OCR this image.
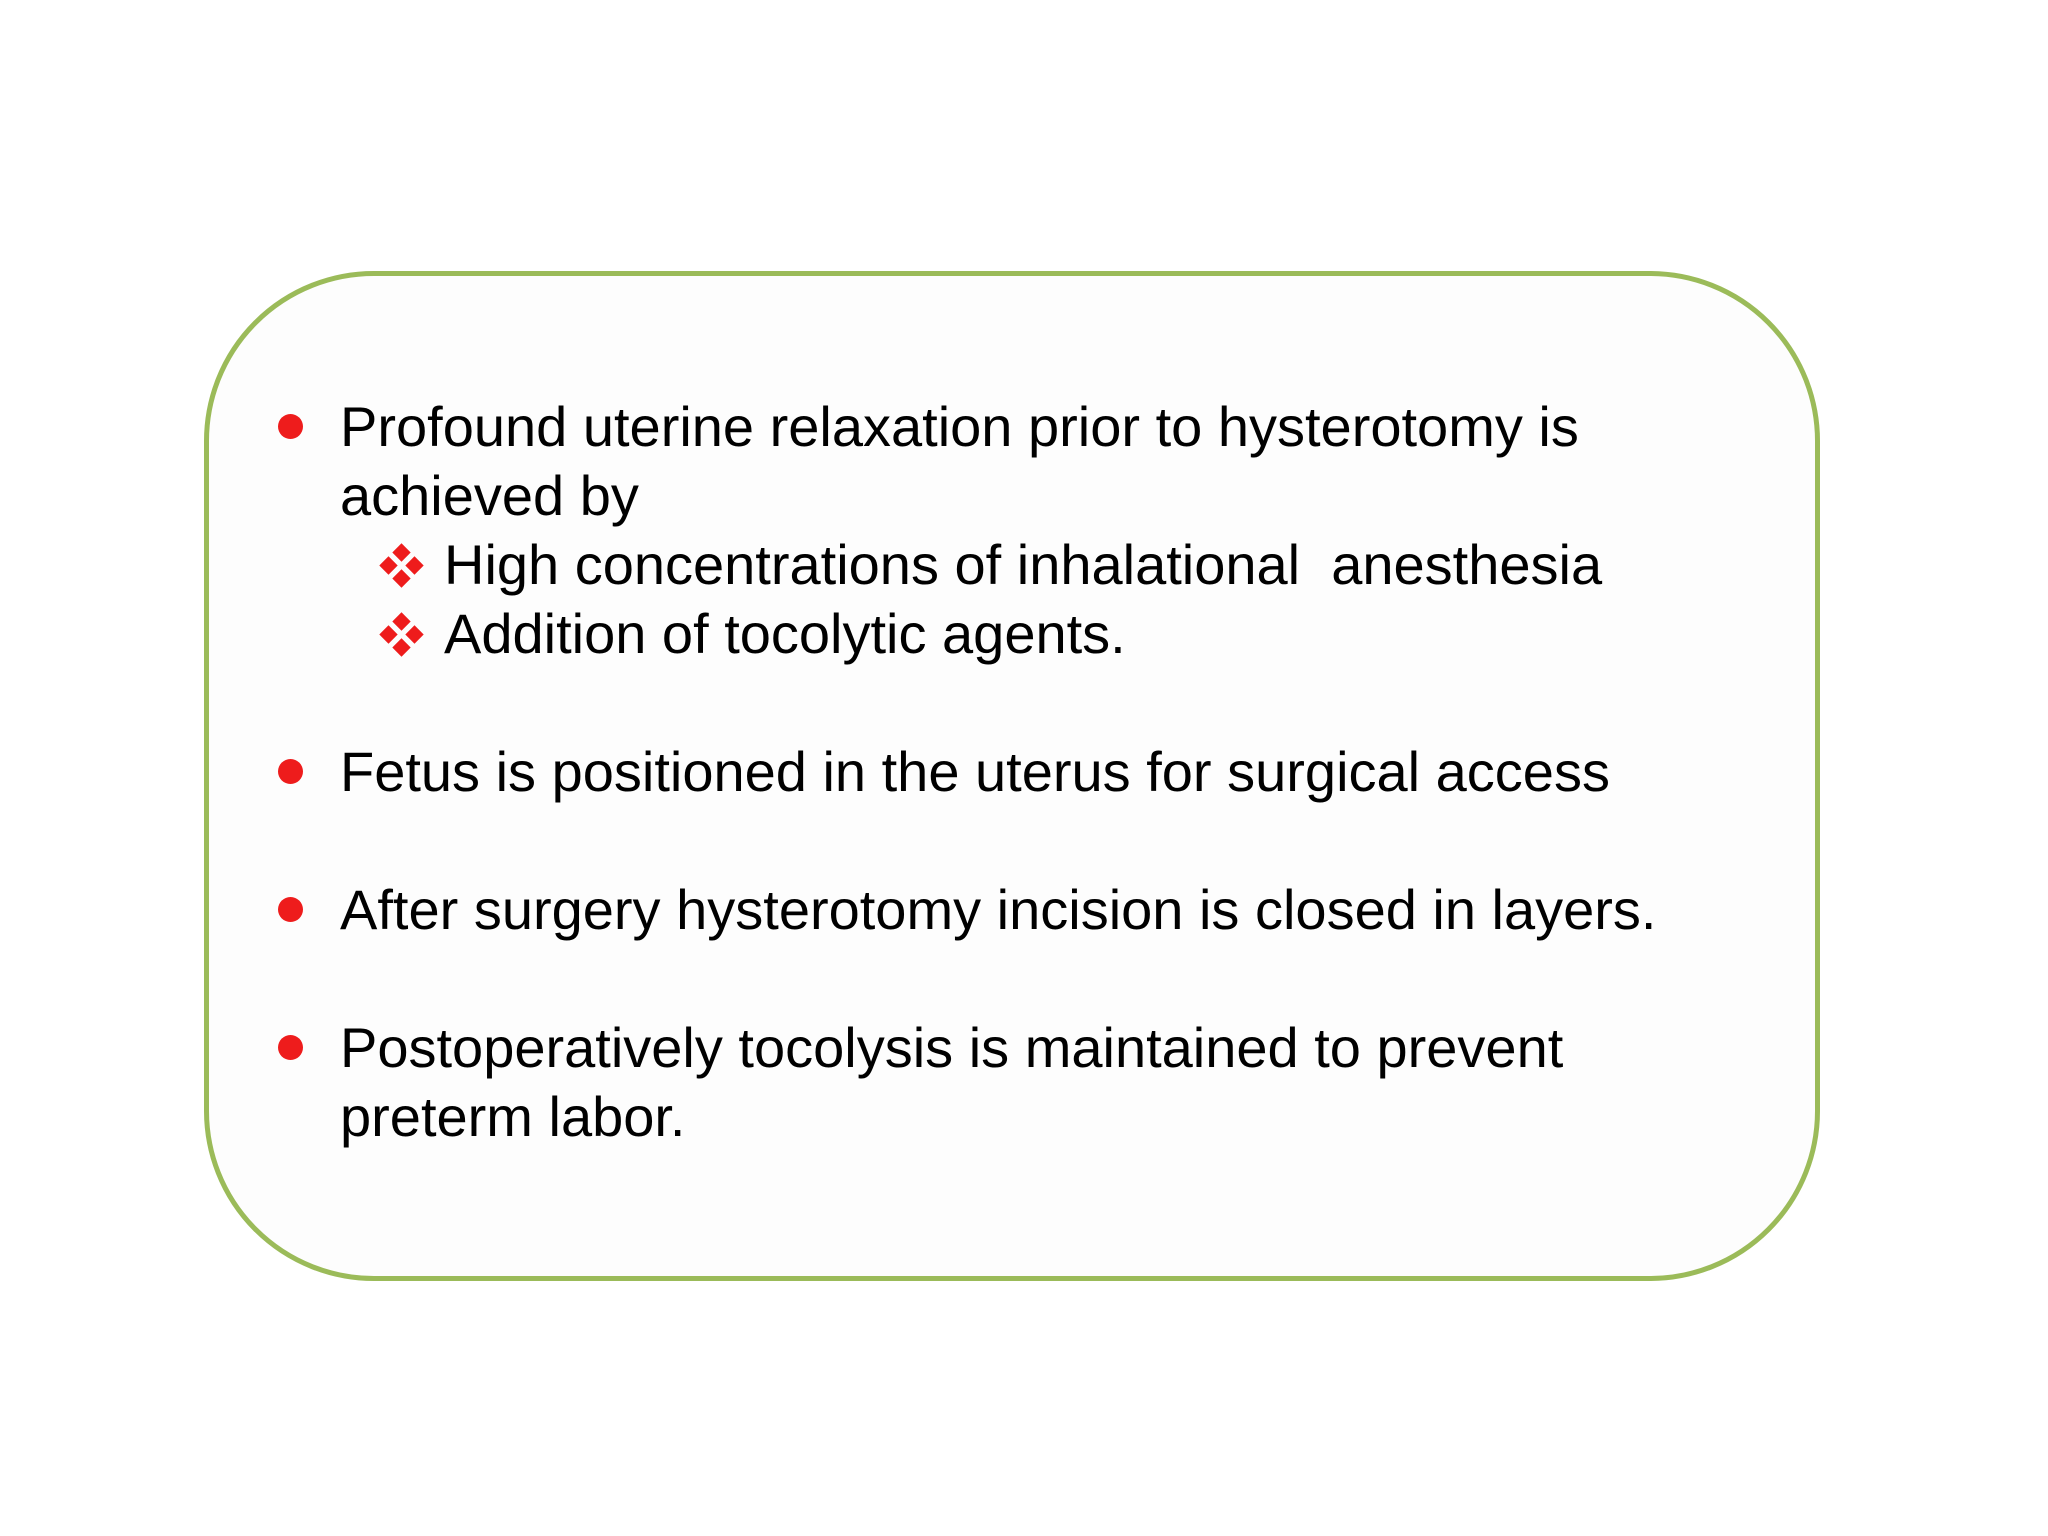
Profound uterine relaxation prior to hysterotomy is achieved by
High concentrations of inhalational  anesthesia
Addition of tocolytic agents.
Fetus is positioned in the uterus for surgical access
After surgery hysterotomy incision is closed in layers.
Postoperatively tocolysis is maintained to prevent preterm labor.
